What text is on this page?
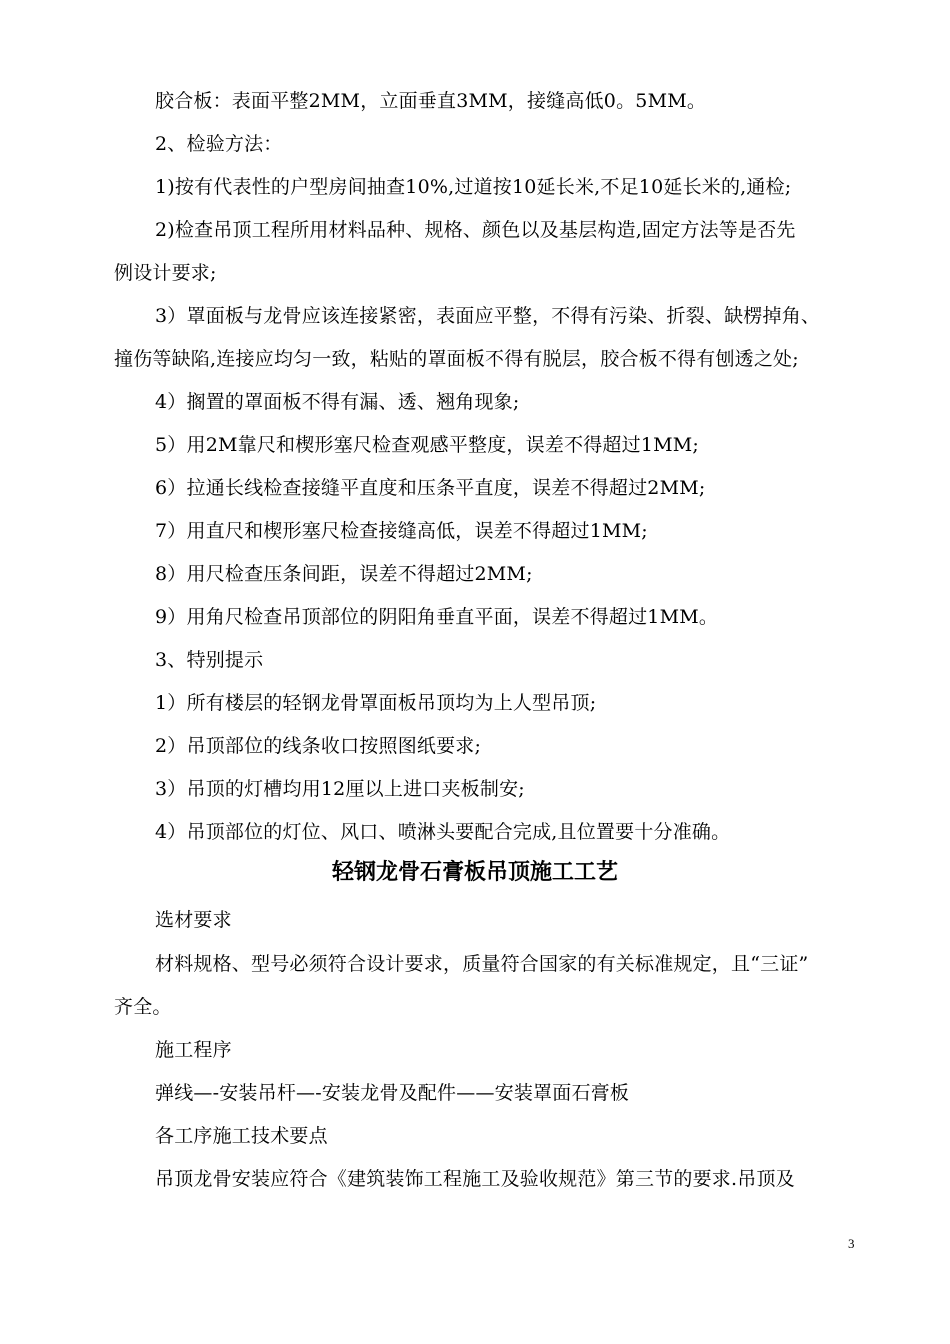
胶合板：表面平整2MM，立面垂直3MM，接缝高低0。5MM。
2、检验方法：
1)按有代表性的户型房间抽查10%,过道按10延长米,不足10延长米的,通检;
2)检查吊顶工程所用材料品种、规格、颜色以及基层构造,固定方法等是否先
例设计要求;
3）罩面板与龙骨应该连接紧密，表面应平整，不得有污染、折裂、缺楞掉角、
撞伤等缺陷,连接应均匀一致，粘贴的罩面板不得有脱层，胶合板不得有刨透之处;
4）搁置的罩面板不得有漏、透、翘角现象;
5）用2M靠尺和楔形塞尺检查观感平整度，误差不得超过1MM;
6）拉通长线检查接缝平直度和压条平直度，误差不得超过2MM;
7）用直尺和楔形塞尺检查接缝高低，误差不得超过1MM;
8）用尺检查压条间距，误差不得超过2MM;
9）用角尺检查吊顶部位的阴阳角垂直平面，误差不得超过1MM。
3、特别提示
1）所有楼层的轻钢龙骨罩面板吊顶均为上人型吊顶;
2）吊顶部位的线条收口按照图纸要求;
3）吊顶的灯槽均用12厘以上进口夹板制安;
4）吊顶部位的灯位、风口、喷淋头要配合完成,且位置要十分准确。
轻钢龙骨石膏板吊顶施工工艺
选材要求
材料规格、型号必须符合设计要求，质量符合国家的有关标准规定，且“三证”
齐全。
施工程序
弹线—-安装吊杆—-安装龙骨及配件——安装罩面石膏板
各工序施工技术要点
吊顶龙骨安装应符合《建筑装饰工程施工及验收规范》第三节的要求.吊顶及
3
